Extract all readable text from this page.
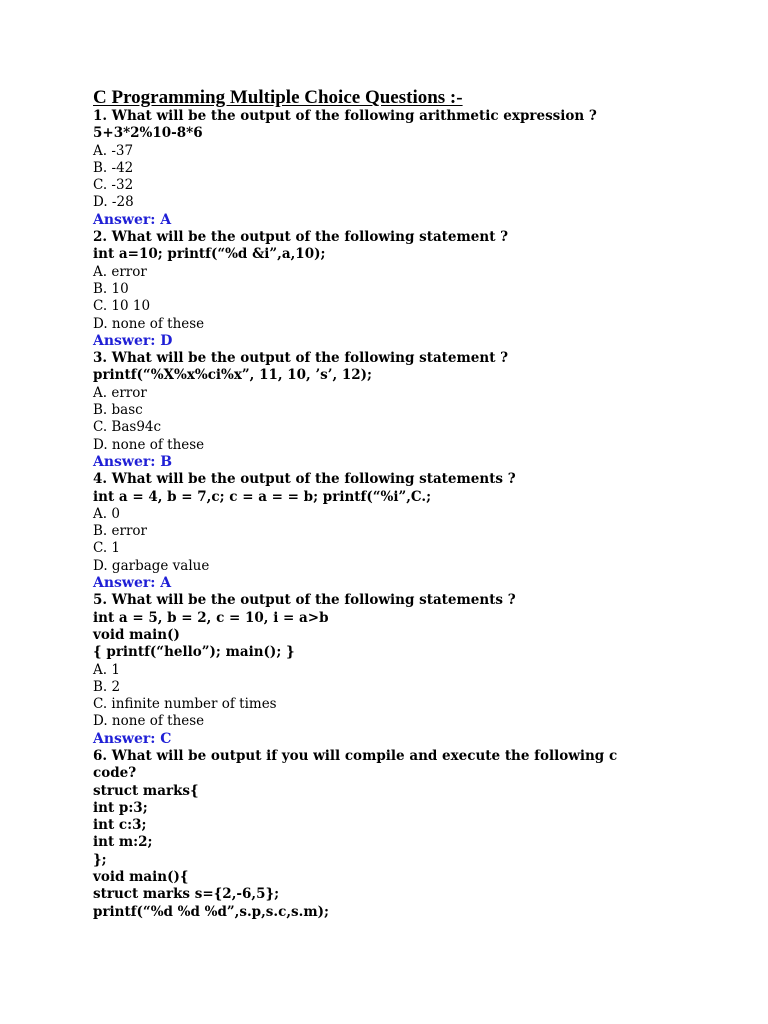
C Programming Multiple Choice Questions :-
1. What will be the output of the following arithmetic expression ?
5+3*2%10-8*6
A. -37
B. -42
C. -32
D. -28
Answer: A
2. What will be the output of the following statement ?
int a=10; printf(“%d &i”,a,10);
A. error
B. 10
C. 10 10
D. none of these
Answer: D
3. What will be the output of the following statement ?
printf(“%X%x%ci%x”, 11, 10, ’s’, 12);
A. error
B. basc
C. Bas94c
D. none of these
Answer: B
4. What will be the output of the following statements ?
int a = 4, b = 7,c; c = a = = b; printf(“%i”,C.;
A. 0
B. error
C. 1
D. garbage value
Answer: A
5. What will be the output of the following statements ?
int a = 5, b = 2, c = 10, i = a>b
void main()
{ printf(“hello”); main(); }
A. 1
B. 2
C. infinite number of times
D. none of these
Answer: C
6. What will be output if you will compile and execute the following c
code?
struct marks{
int p:3;
int c:3;
int m:2;
};
void main(){
struct marks s={2,-6,5};
printf(“%d %d %d”,s.p,s.c,s.m);
